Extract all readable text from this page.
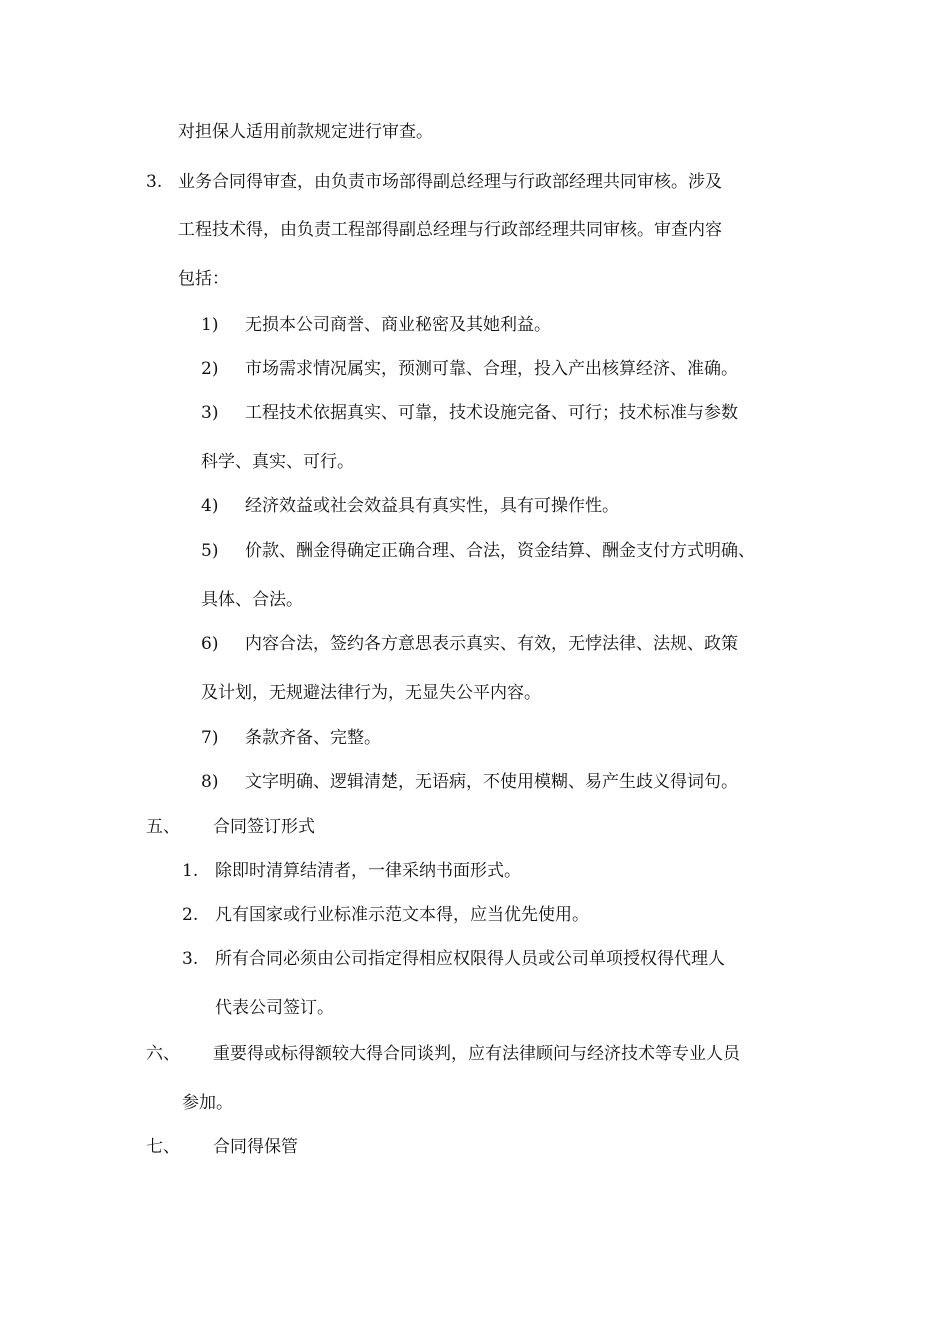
对担保人适用前款规定进行审查。
3. 业务合同得审查，由负责市场部得副总经理与行政部经理共同审核。涉及
工程技术得，由负责工程部得副总经理与行政部经理共同审核。审查内容
包括：
1) 无损本公司商誉、商业秘密及其她利益。
2) 市场需求情况属实，预测可靠、合理，投入产出核算经济、准确。
3) 工程技术依据真实、可靠，技术设施完备、可行；技术标准与参数
科学、真实、可行。
4) 经济效益或社会效益具有真实性，具有可操作性。
5) 价款、酬金得确定正确合理、合法，资金结算、酬金支付方式明确、
具体、合法。
6) 内容合法，签约各方意思表示真实、有效，无悖法律、法规、政策
及计划，无规避法律行为，无显失公平内容。
7) 条款齐备、完整。
8) 文字明确、逻辑清楚，无语病，不使用模糊、易产生歧义得词句。
五、 合同签订形式
1. 除即时清算结清者，一律采纳书面形式。
2. 凡有国家或行业标准示范文本得，应当优先使用。
3. 所有合同必须由公司指定得相应权限得人员或公司单项授权得代理人
代表公司签订。
六、 重要得或标得额较大得合同谈判，应有法律顾问与经济技术等专业人员
参加。
七、 合同得保管
